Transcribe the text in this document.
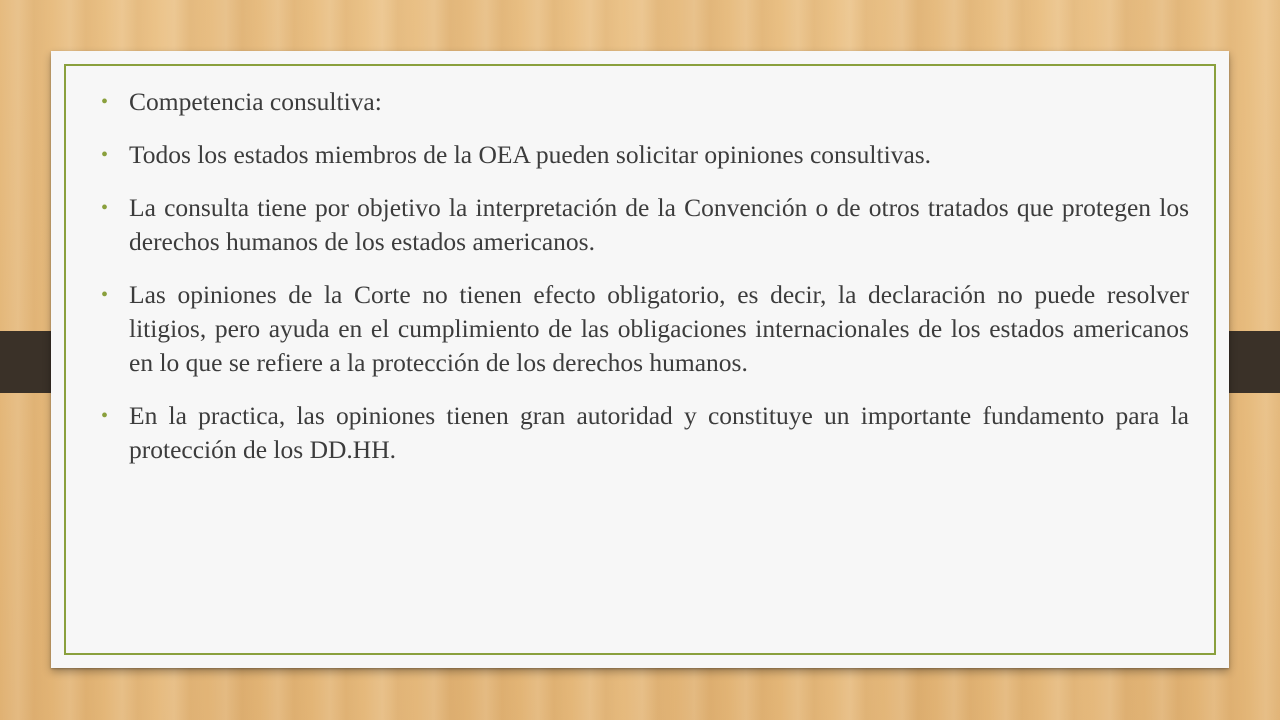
• Competencia consultiva:
• Todos los estados miembros de la OEA pueden solicitar opiniones consultivas.
• La consulta tiene por objetivo la interpretación de la Convención o de otros tratados que protegen los derechos humanos de los estados americanos.
• Las opiniones de la Corte no tienen efecto obligatorio, es decir, la declaración no puede resolver litigios, pero ayuda en el cumplimiento de las obligaciones internacionales de los estados americanos en lo que se refiere a la protección de los derechos humanos.
• En la practica, las opiniones tienen gran autoridad y constituye un importante fundamento para la protección de los DD.HH.
